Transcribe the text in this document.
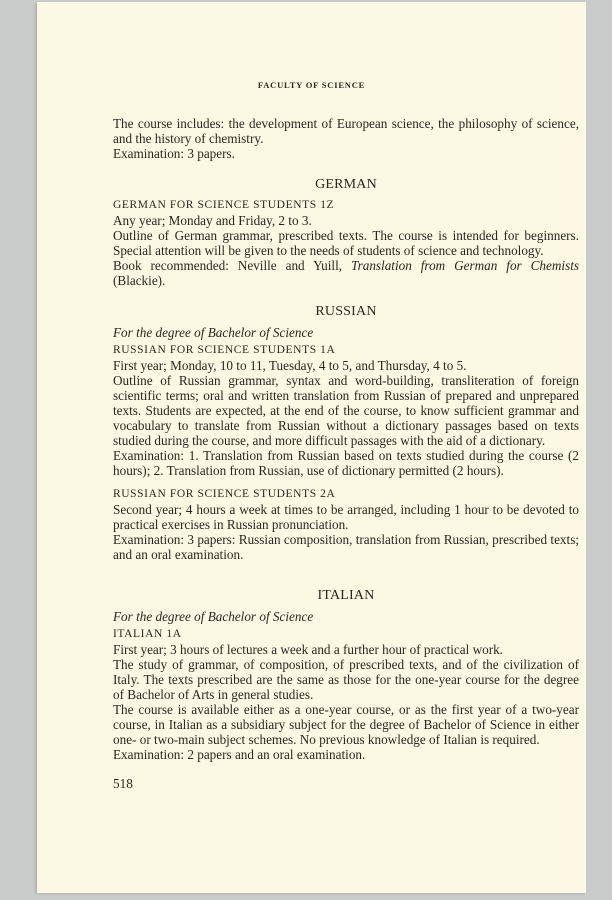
FACULTY OF SCIENCE

The course includes: the development of European science, the philosophy of science, and the history of chemistry.

Examination: 3 papers.

GERMAN
GERMAN FOR SCIENCE STUDENTS 1Z

Any year; Monday and Friday, 2 to 3.

Outline of German grammar, prescribed texts. The course is intended for beginners. Special attention will be given to the needs of students of science and technology.

Book recommended: Neville and Yuill, Translation from German for Chemists (Blackie).

RUSSIAN
For the degree of Bachelor of Science
RUSSIAN FOR SCIENCE STUDENTS 1A

First year; Monday, 10 to 11, Tuesday, 4 to 5, and Thursday, 4 to 5.

Outline of Russian grammar, syntax and word-building, transliteration of foreign scientific terms; oral and written translation from Russian of prepared and unprepared texts. Students are expected, at the end of the course, to know sufficient grammar and vocabulary to translate from Russian without a dictionary passages based on texts studied during the course, and more difficult passages with the aid of a dictionary.

Examination: 1. Translation from Russian based on texts studied during the course (2 hours); 2. Translation from Russian, use of dictionary permitted (2 hours).

RUSSIAN FOR SCIENCE STUDENTS 2A

Second year; 4 hours a week at times to be arranged, including 1 hour to be devoted to practical exercises in Russian pronunciation.

Examination: 3 papers: Russian composition, translation from Russian, prescribed texts; and an oral examination.

ITALIAN
For the degree of Bachelor of Science
ITALIAN 1A

First year; 3 hours of lectures a week and a further hour of practical work.

The study of grammar, of composition, of prescribed texts, and of the civilization of Italy. The texts prescribed are the same as those for the one-year course for the degree of Bachelor of Arts in general studies.

The course is available either as a one-year course, or as the first year of a two-year course, in Italian as a subsidiary subject for the degree of Bachelor of Science in either one- or two-main subject schemes. No previous knowledge of Italian is required.

Examination: 2 papers and an oral examination.

518
